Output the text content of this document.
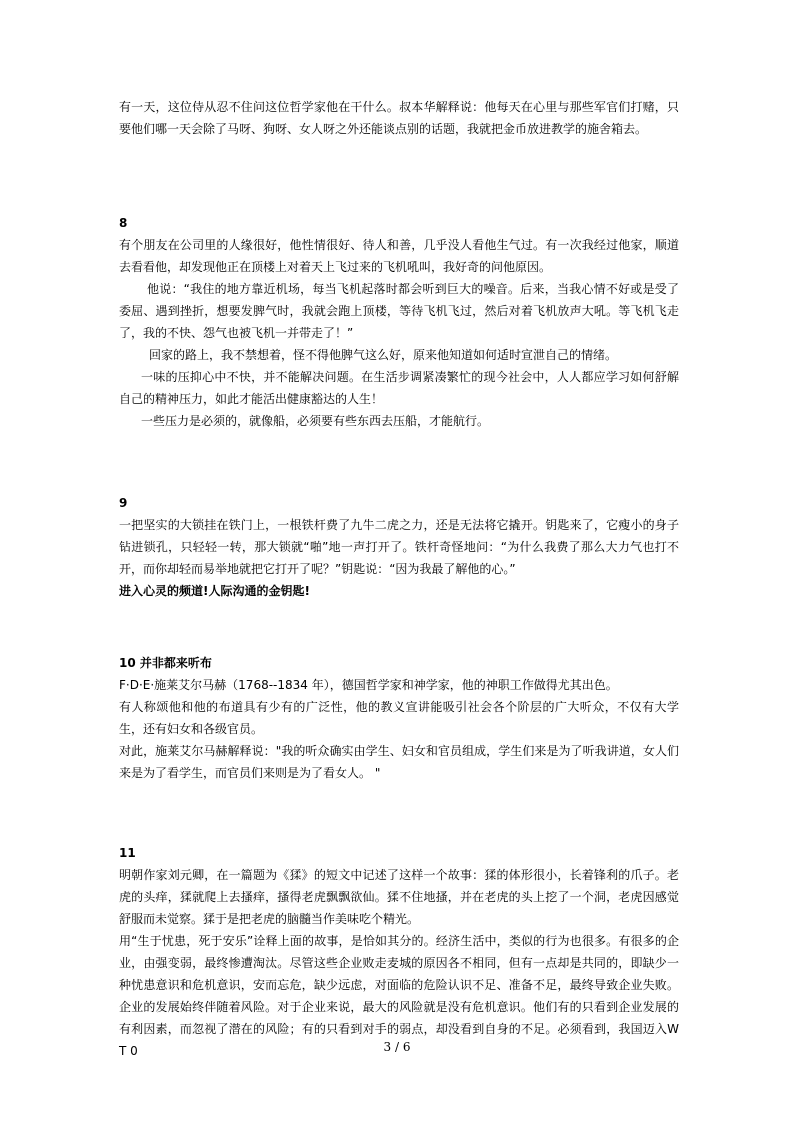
有一天，这位侍从忍不住问这位哲学家他在干什么。叔本华解释说：他每天在心里与那些军官们打赌，只要他们哪一天会除了马呀、狗呀、女人呀之外还能谈点别的话题，我就把金币放进教学的施舍箱去。

8

有个朋友在公司里的人缘很好，他性情很好、待人和善，几乎没人看他生气过。有一次我经过他家，顺道去看看他，却发现他正在顶楼上对着天上飞过来的飞机吼叫，我好奇的问他原因。

他说：“我住的地方靠近机场，每当飞机起落时都会听到巨大的噪音。后来，当我心情不好或是受了委屈、遇到挫折，想要发脾气时，我就会跑上顶楼，等待飞机飞过，然后对着飞机放声大吼。等飞机飞走了，我的不快、怨气也被飞机一并带走了！”

回家的路上，我不禁想着，怪不得他脾气这么好，原来他知道如何适时宣泄自己的情绪。

一味的压抑心中不快，并不能解决问题。在生活步调紧凑繁忙的现今社会中，人人都应学习如何舒解自己的精神压力，如此才能活出健康豁达的人生！

一些压力是必须的，就像船，必须要有些东西去压船，才能航行。

9

一把坚实的大锁挂在铁门上，一根铁杆费了九牛二虎之力，还是无法将它撬开。钥匙来了，它瘦小的身子钻进锁孔，只轻轻一转，那大锁就“啪”地一声打开了。铁杆奇怪地问：“为什么我费了那么大力气也打不开，而你却轻而易举地就把它打开了呢？”钥匙说：“因为我最了解他的心。”

进入心灵的频道!人际沟通的金钥匙!

10 并非都来听布

F·D·E·施莱艾尔马赫（1768--1834 年），德国哲学家和神学家，他的神职工作做得尤其出色。

有人称颂他和他的布道具有少有的广泛性，他的教义宣讲能吸引社会各个阶层的广大听众，不仅有大学生，还有妇女和各级官员。

对此，施莱艾尔马赫解释说："我的听众确实由学生、妇女和官员组成，学生们来是为了听我讲道，女人们来是为了看学生，而官员们来则是为了看女人。 "

11

明朝作家刘元卿，在一篇题为《猱》的短文中记述了这样一个故事：猱的体形很小，长着锋利的爪子。老虎的头痒，猱就爬上去搔痒，搔得老虎飘飘欲仙。猱不住地搔，并在老虎的头上挖了一个洞，老虎因感觉舒服而未觉察。猱于是把老虎的脑髓当作美味吃个精光。

用“生于忧患，死于安乐”诠释上面的故事，是恰如其分的。经济生活中，类似的行为也很多。有很多的企业，由强变弱，最终惨遭淘汰。尽管这些企业败走麦城的原因各不相同，但有一点却是共同的，即缺少一种忧患意识和危机意识，安而忘危，缺少远虑，对面临的危险认识不足、准备不足，最终导致企业失败。企业的发展始终伴随着风险。对于企业来说，最大的风险就是没有危机意识。他们有的只看到企业发展的有利因素，而忽视了潜在的风险；有的只看到对手的弱点，却没看到自身的不足。必须看到，我国迈入W T 0	3 / 6
